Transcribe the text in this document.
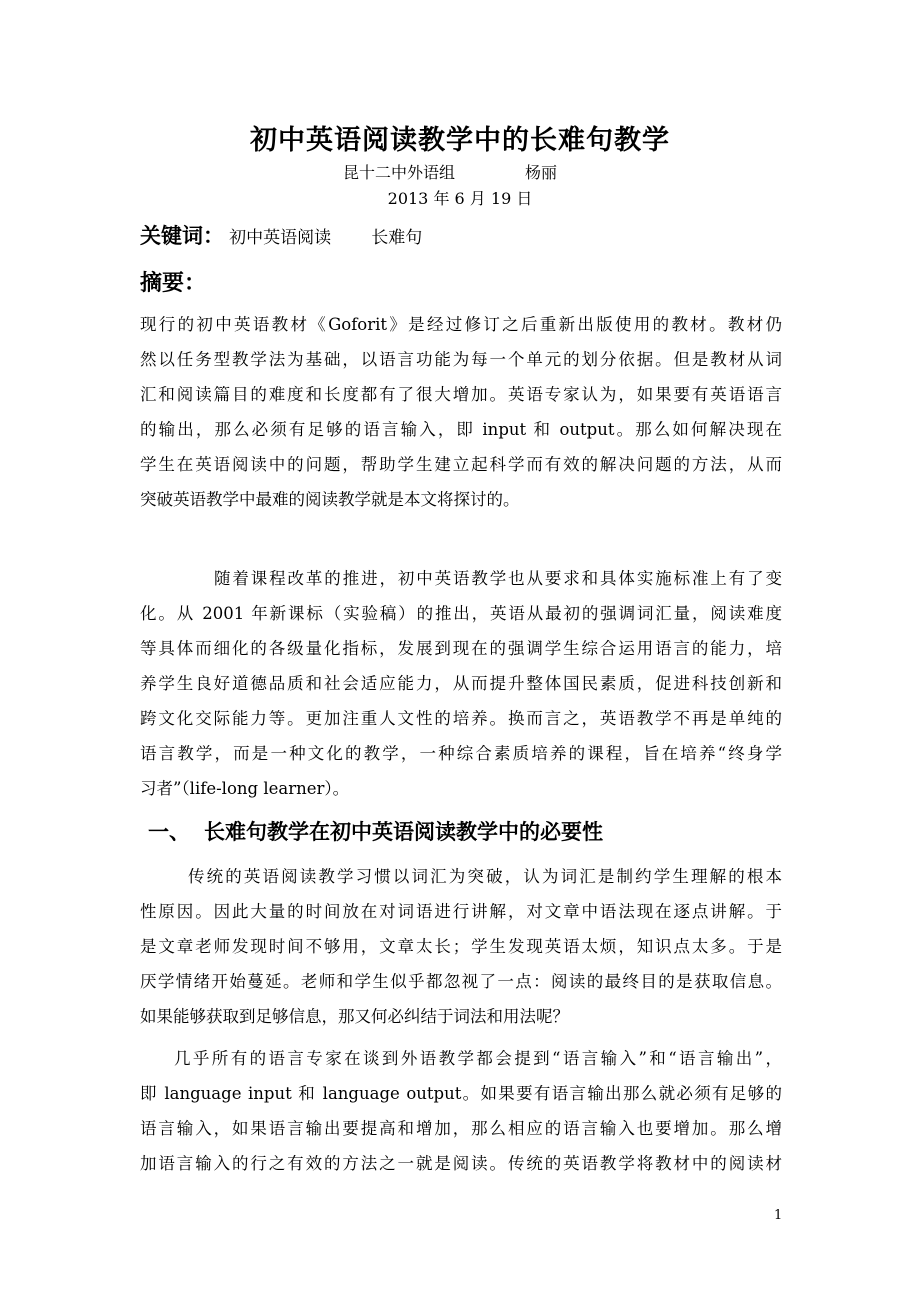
初中英语阅读教学中的长难句教学
昆十二中外语组	杨丽
2013 年 6 月 19 日
关键词： 初中英语阅读 长难句
摘要：
现行的初中英语教材《Goforit》是经过修订之后重新出版使用的教材。教材仍
然以任务型教学法为基础，以语言功能为每一个单元的划分依据。但是教材从词
汇和阅读篇目的难度和长度都有了很大增加。英语专家认为，如果要有英语语言
的输出，那么必须有足够的语言输入，即 input 和 output。那么如何解决现在
学生在英语阅读中的问题，帮助学生建立起科学而有效的解决问题的方法，从而
突破英语教学中最难的阅读教学就是本文将探讨的。
随着课程改革的推进，初中英语教学也从要求和具体实施标准上有了变
化。从 2001 年新课标（实验稿）的推出，英语从最初的强调词汇量，阅读难度
等具体而细化的各级量化指标，发展到现在的强调学生综合运用语言的能力，培
养学生良好道德品质和社会适应能力，从而提升整体国民素质，促进科技创新和
跨文化交际能力等。更加注重人文性的培养。换而言之，英语教学不再是单纯的
语言教学，而是一种文化的教学，一种综合素质培养的课程，旨在培养“终身学
习者”（life-long learner）。
一、 长难句教学在初中英语阅读教学中的必要性
传统的英语阅读教学习惯以词汇为突破，认为词汇是制约学生理解的根本
性原因。因此大量的时间放在对词语进行讲解，对文章中语法现在逐点讲解。于
是文章老师发现时间不够用，文章太长；学生发现英语太烦，知识点太多。于是
厌学情绪开始蔓延。老师和学生似乎都忽视了一点：阅读的最终目的是获取信息。
如果能够获取到足够信息，那又何必纠结于词法和用法呢？
几乎所有的语言专家在谈到外语教学都会提到“语言输入”和“语言输出”，
即 language input 和 language output。如果要有语言输出那么就必须有足够的
语言输入，如果语言输出要提高和增加，那么相应的语言输入也要增加。那么增
加语言输入的行之有效的方法之一就是阅读。传统的英语教学将教材中的阅读材
1
